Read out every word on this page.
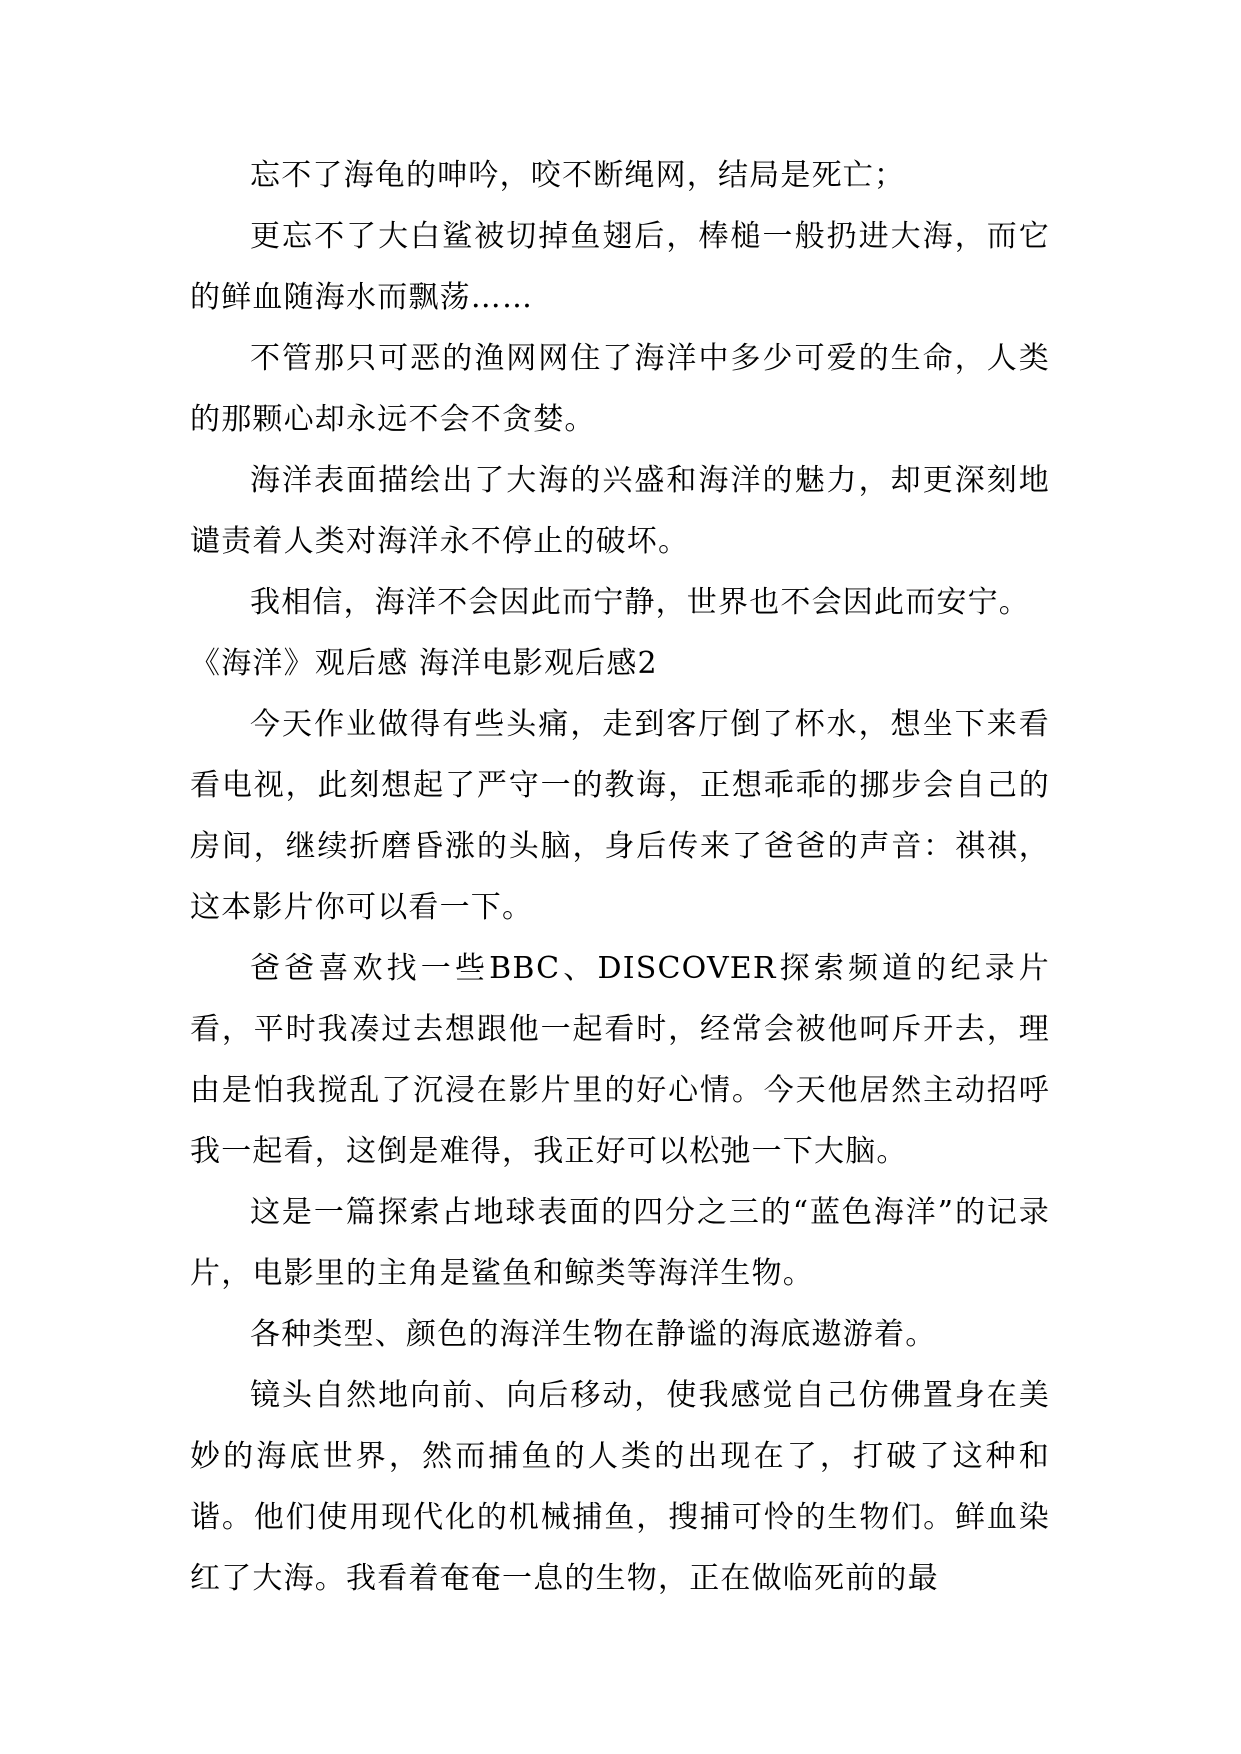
忘不了海龟的呻吟，咬不断绳网，结局是死亡；

更忘不了大白鲨被切掉鱼翅后，棒槌一般扔进大海，而它的鲜血随海水而飘荡……

不管那只可恶的渔网网住了海洋中多少可爱的生命，人类的那颗心却永远不会不贪婪。

海洋表面描绘出了大海的兴盛和海洋的魅力，却更深刻地谴责着人类对海洋永不停止的破坏。

我相信，海洋不会因此而宁静，世界也不会因此而安宁。

《海洋》观后感 海洋电影观后感2

今天作业做得有些头痛，走到客厅倒了杯水，想坐下来看看电视，此刻想起了严守一的教诲，正想乖乖的挪步会自己的房间，继续折磨昏涨的头脑，身后传来了爸爸的声音：祺祺，这本影片你可以看一下。

爸爸喜欢找一些BBC、DISCOVER探索频道的纪录片看，平时我凑过去想跟他一起看时，经常会被他呵斥开去，理由是怕我搅乱了沉浸在影片里的好心情。今天他居然主动招呼我一起看，这倒是难得，我正好可以松弛一下大脑。

这是一篇探索占地球表面的四分之三的“蓝色海洋”的记录片，电影里的主角是鲨鱼和鲸类等海洋生物。

各种类型、颜色的海洋生物在静谧的海底遨游着。

镜头自然地向前、向后移动，使我感觉自己仿佛置身在美妙的海底世界，然而捕鱼的人类的出现在了，打破了这种和谐。他们使用现代化的机械捕鱼，搜捕可怜的生物们。鲜血染红了大海。我看着奄奄一息的生物，正在做临死前的最
